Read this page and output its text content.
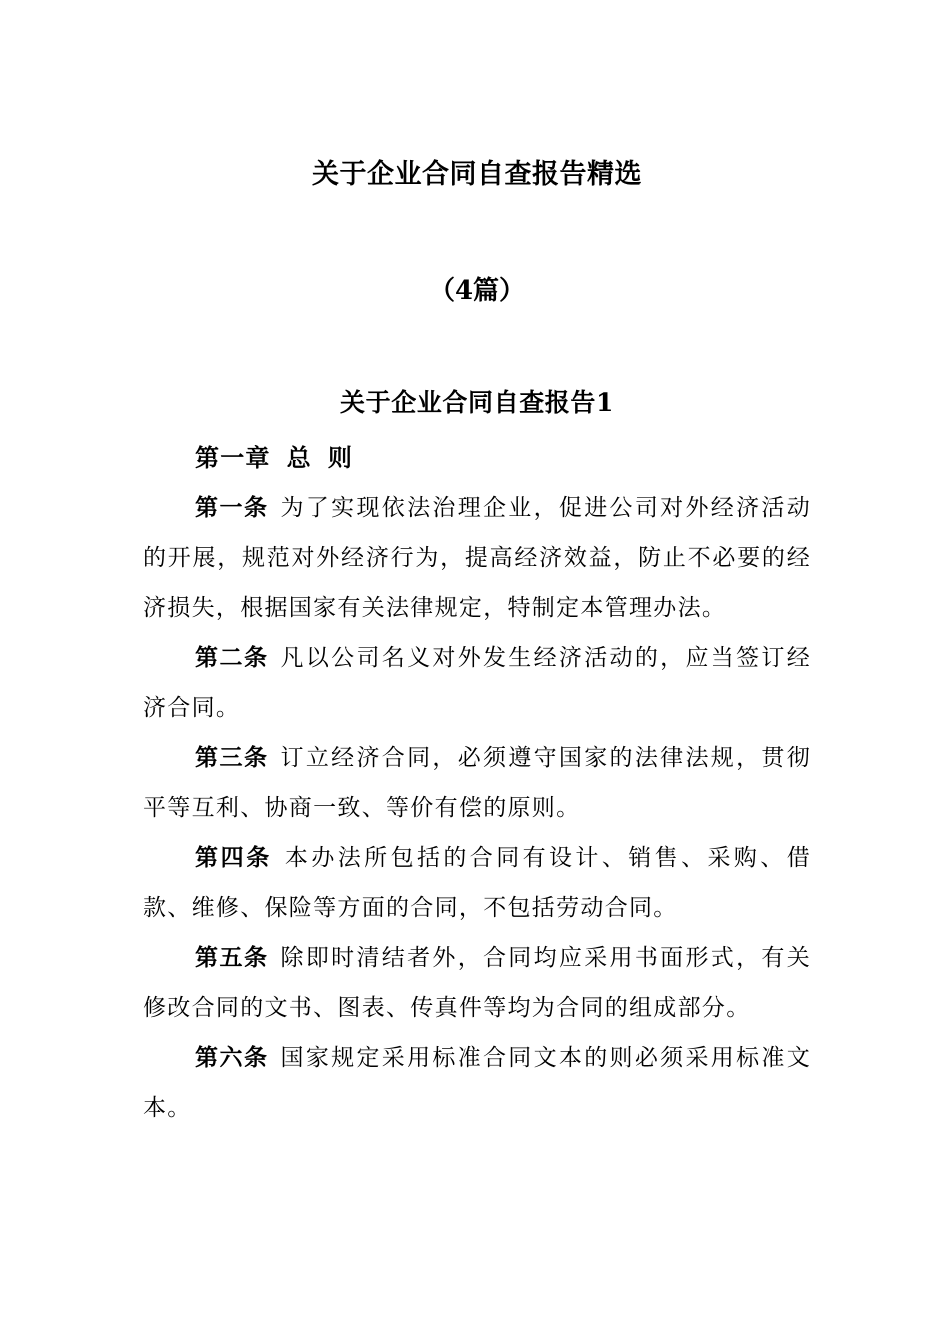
关于企业合同自查报告精选

（4篇）

关于企业合同自查报告1
第一章 总 则

第一条 为了实现依法治理企业，促进公司对外经济活动的开展，规范对外经济行为，提高经济效益，防止不必要的经济损失，根据国家有关法律规定，特制定本管理办法。

第二条 凡以公司名义对外发生经济活动的，应当签订经济合同。

第三条 订立经济合同，必须遵守国家的法律法规，贯彻平等互利、协商一致、等价有偿的原则。

第四条 本办法所包括的合同有设计、销售、采购、借款、维修、保险等方面的合同，不包括劳动合同。

第五条 除即时清结者外，合同均应采用书面形式，有关修改合同的文书、图表、传真件等均为合同的组成部分。

第六条 国家规定采用标准合同文本的则必须采用标准文本。
